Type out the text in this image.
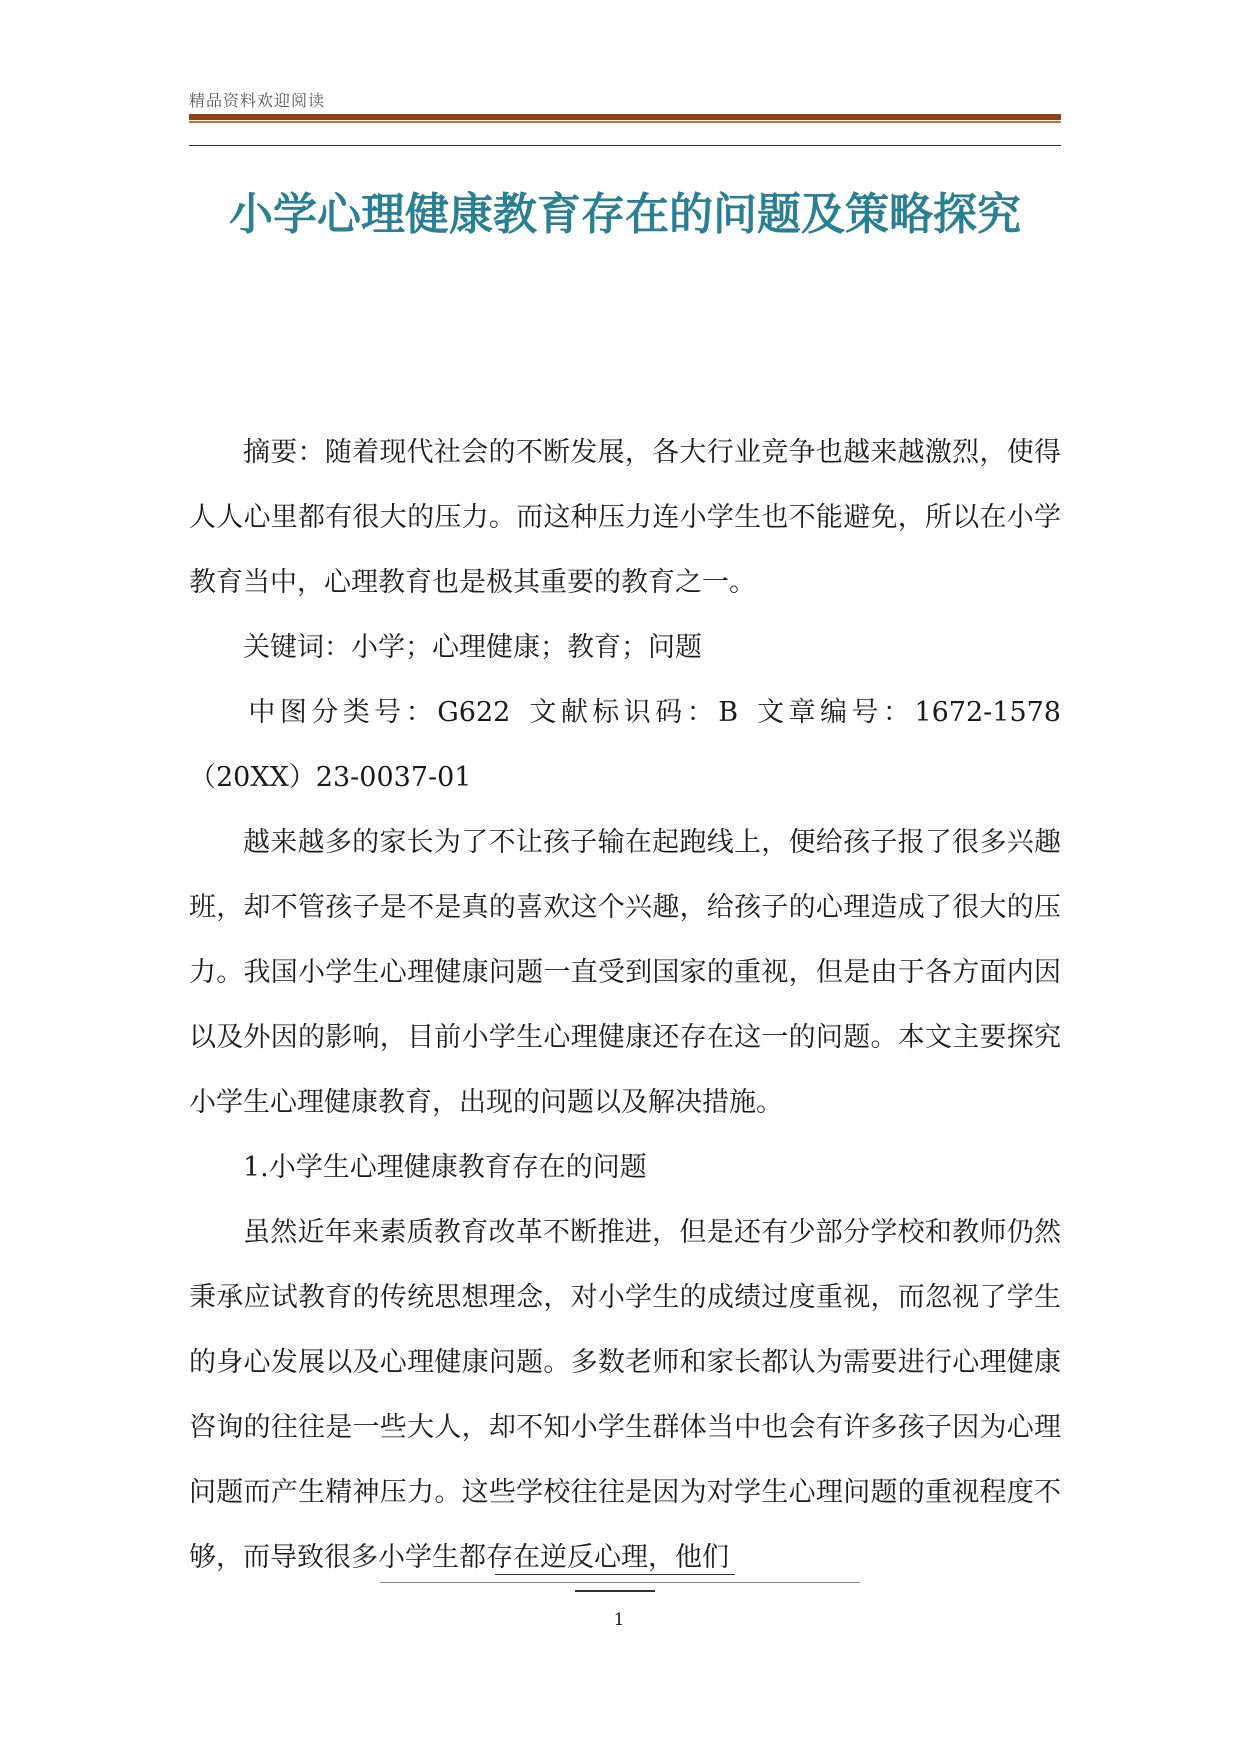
精品资料欢迎阅读
小学心理健康教育存在的问题及策略探究

摘要：随着现代社会的不断发展，各大行业竞争也越来越激烈，使得人人心里都有很大的压力。而这种压力连小学生也不能避免，所以在小学教育当中，心理教育也是极其重要的教育之一。

关键词：小学；心理健康；教育；问题

中图分类号：G622 文献标识码：B 文章编号：1672-1578（20XX）23-0037-01

越来越多的家长为了不让孩子输在起跑线上，便给孩子报了很多兴趣班，却不管孩子是不是真的喜欢这个兴趣，给孩子的心理造成了很大的压力。我国小学生心理健康问题一直受到国家的重视，但是由于各方面内因以及外因的影响，目前小学生心理健康还存在这一的问题。本文主要探究小学生心理健康教育，出现的问题以及解决措施。

1.小学生心理健康教育存在的问题

虽然近年来素质教育改革不断推进，但是还有少部分学校和教师仍然秉承应试教育的传统思想理念，对小学生的成绩过度重视，而忽视了学生的身心发展以及心理健康问题。多数老师和家长都认为需要进行心理健康咨询的往往是一些大人，却不知小学生群体当中也会有许多孩子因为心理问题而产生精神压力。这些学校往往是因为对学生心理问题的重视程度不够，而导致很多小学生都存在逆反心理，他们

1
